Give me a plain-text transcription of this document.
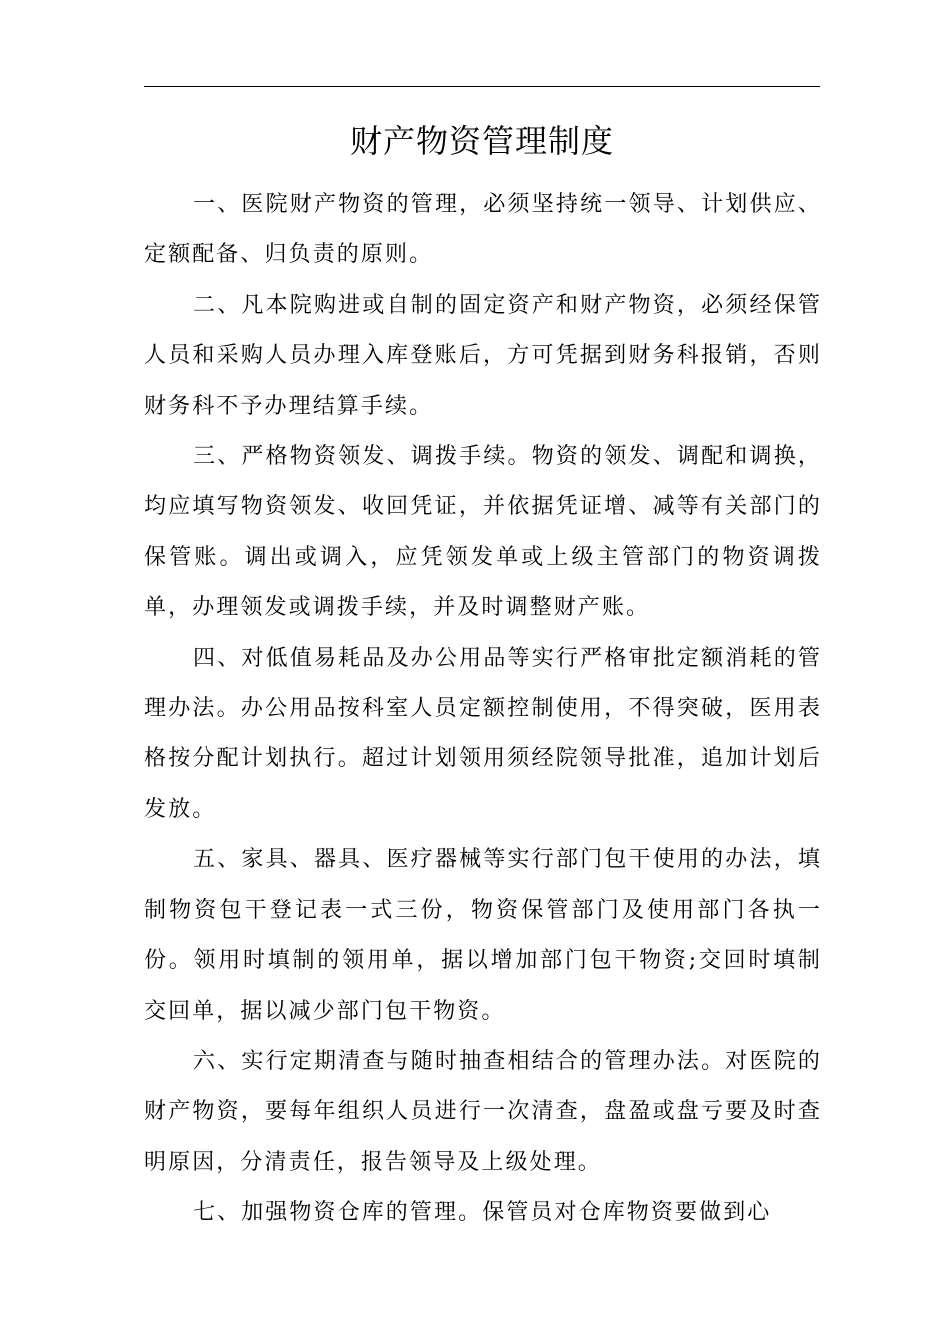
财产物资管理制度

一、医院财产物资的管理，必须坚持统一领导、计划供应、定额配备、归负责的原则。

二、凡本院购进或自制的固定资产和财产物资，必须经保管人员和采购人员办理入库登账后，方可凭据到财务科报销，否则财务科不予办理结算手续。

三、严格物资领发、调拨手续。物资的领发、调配和调换，均应填写物资领发、收回凭证，并依据凭证增、减等有关部门的保管账。调出或调入，应凭领发单或上级主管部门的物资调拨单，办理领发或调拨手续，并及时调整财产账。

四、对低值易耗品及办公用品等实行严格审批定额消耗的管理办法。办公用品按科室人员定额控制使用，不得突破，医用表格按分配计划执行。超过计划领用须经院领导批准，追加计划后发放。

五、家具、器具、医疗器械等实行部门包干使用的办法，填制物资包干登记表一式三份，物资保管部门及使用部门各执一份。领用时填制的领用单，据以增加部门包干物资;交回时填制交回单，据以减少部门包干物资。

六、实行定期清查与随时抽查相结合的管理办法。对医院的财产物资，要每年组织人员进行一次清查，盘盈或盘亏要及时查明原因，分清责任，报告领导及上级处理。

七、加强物资仓库的管理。保管员对仓库物资要做到心
